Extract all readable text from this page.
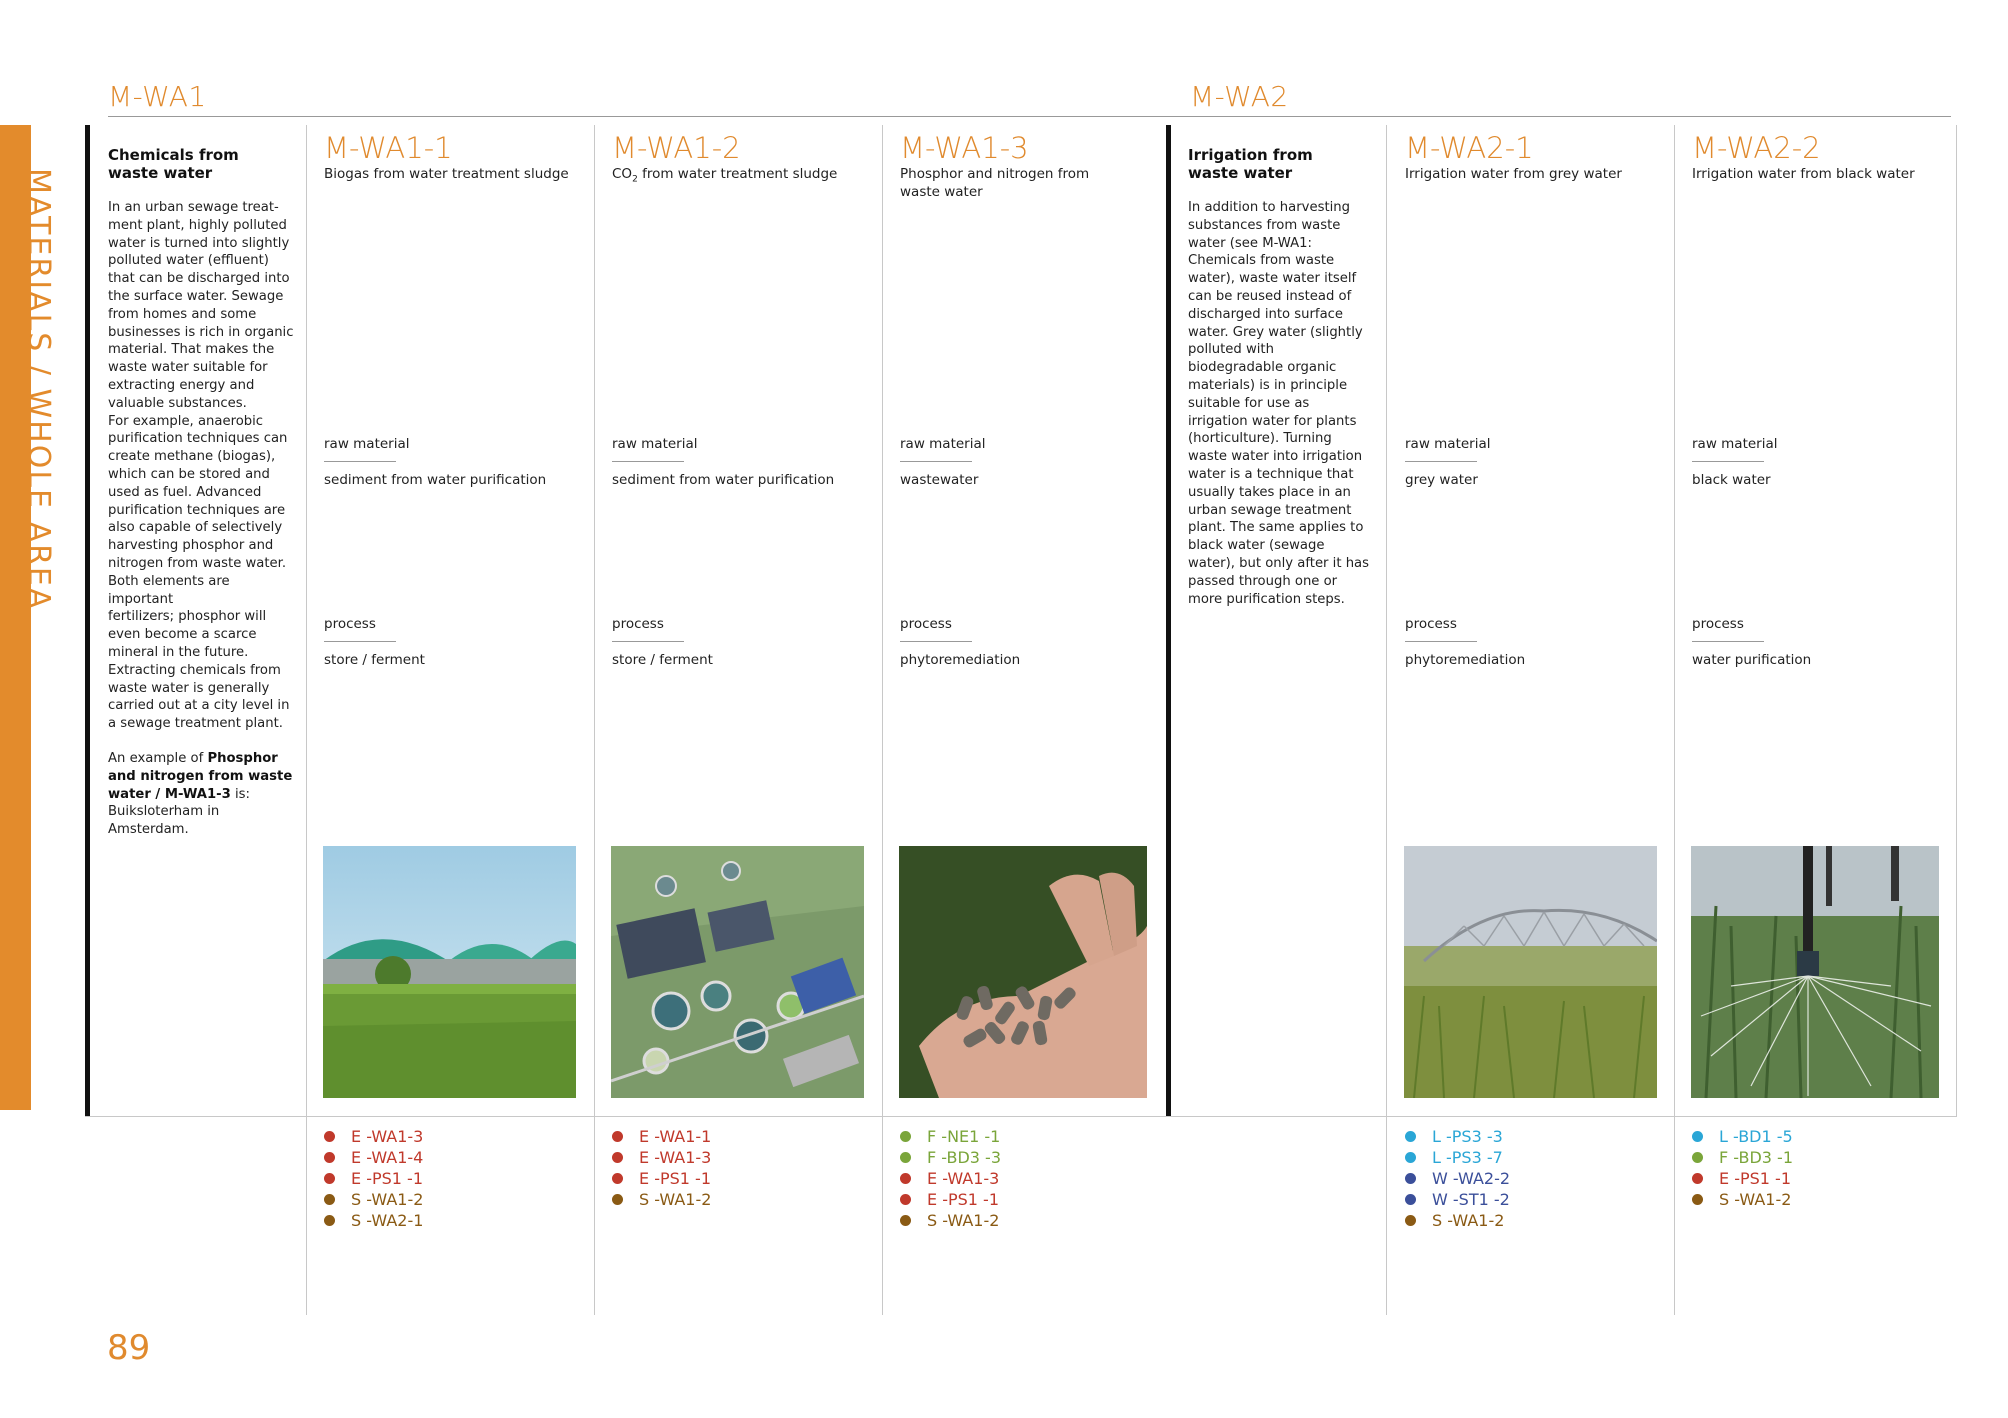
M-WA1	M-WA2
MATERIALS / WHOLE AREA
Chemicals from
waste water
In an urban sewage treat-
ment plant, highly polluted
water is turned into slightly
polluted water (effluent)
that can be discharged into
the surface water. Sewage
from homes and some
businesses is rich in organic
material. That makes the
waste water suitable for
extracting energy and
valuable substances.
For example, anaerobic
purification techniques can
create methane (biogas),
which can be stored and
used as fuel. Advanced
purification techniques are
also capable of selectively
harvesting phosphor and
nitrogen from waste water.
Both elements are important
fertilizers; phosphor will
even become a scarce
mineral in the future.
Extracting chemicals from
waste water is generally
carried out at a city level in
a sewage treatment plant.
An example of Phosphor
and nitrogen from waste
water / M-WA1-3 is:
Buiksloterham in
Amsterdam.
Irrigation from
waste water
In addition to harvesting
substances from waste
water (see M-WA1:
Chemicals from waste
water), waste water itself
can be reused instead of
discharged into surface
water. Grey water (slightly
polluted with
biodegradable organic
materials) is in principle
suitable for use as
irrigation water for plants
(horticulture). Turning
waste water into irrigation
water is a technique that
usually takes place in an
urban sewage treatment
plant. The same applies to
black water (sewage
water), but only after it has
passed through one or
more purification steps.
M-WA1-1
Biogas from water treatment sludge
raw material
sediment from water purification
process
store / ferment
E -WA1-3
E -WA1-4
E -PS1 -1
S -WA1-2
S -WA2-1
M-WA1-2
$CO_2$ from water treatment sludge
raw material
sediment from water purification
process
store / ferment
E -WA1-1
E -WA1-3
E -PS1 -1
S -WA1-2
M-WA1-3
Phosphor and nitrogen from
waste water
raw material
wastewater
process
phytoremediation
F -NE1 -1
F -BD3 -3
E -WA1-3
E -PS1 -1
S -WA1-2
M-WA2-1
Irrigation water from grey water
raw material
grey water
process
phytoremediation
L -PS3 -3
L -PS3 -7
W -WA2-2
W -ST1 -2
S -WA1-2
M-WA2-2
Irrigation water from black water
raw material
black water
process
water purification
L -BD1 -5
F -BD3 -1
E -PS1 -1
S -WA1-2
89
